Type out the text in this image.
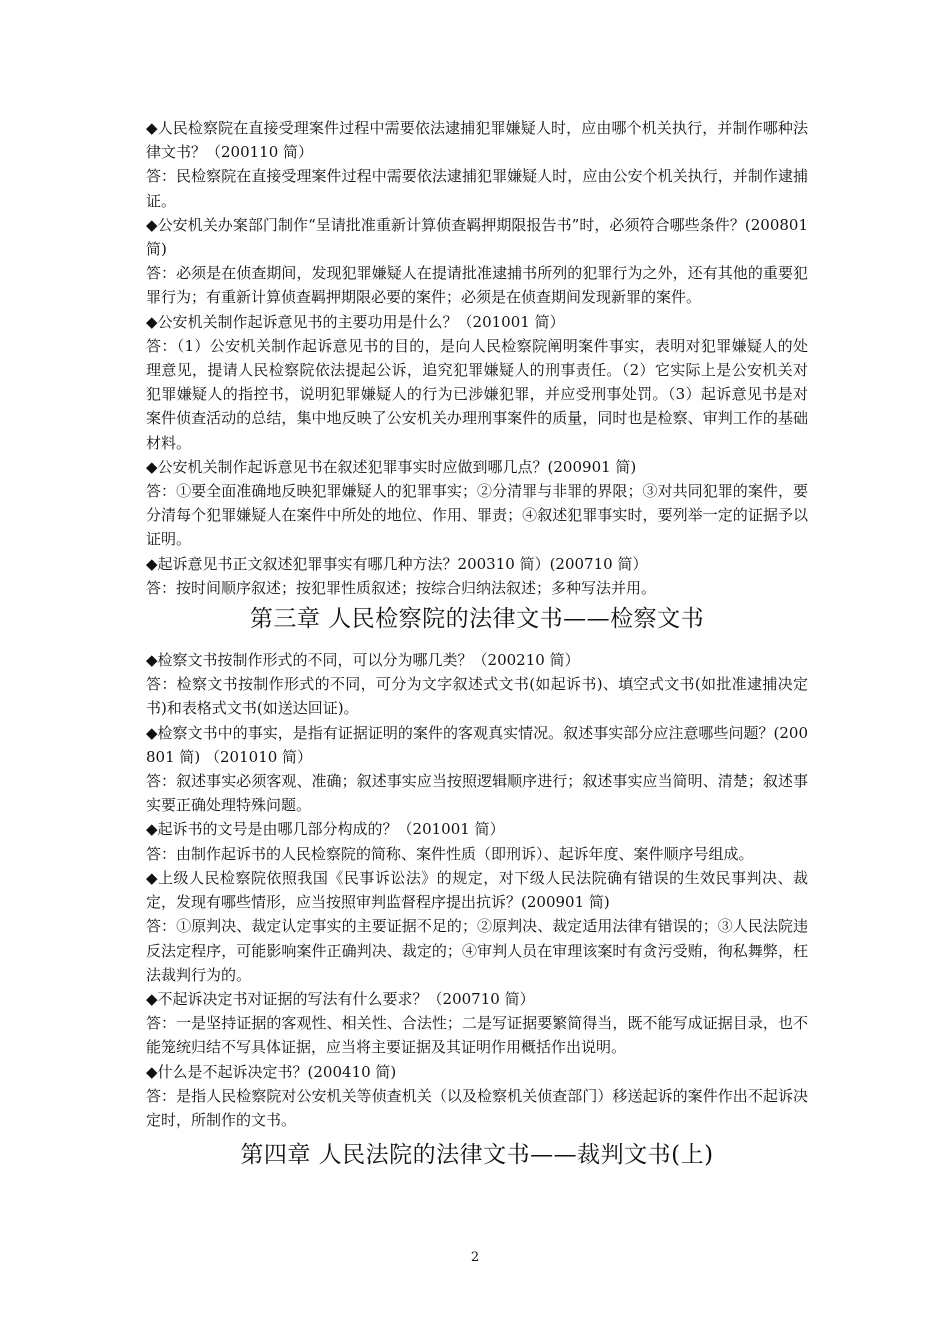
◆人民检察院在直接受理案件过程中需要依法逮捕犯罪嫌疑人时，应由哪个机关执行，并制作哪种法律文书？（200110 简）

答：民检察院在直接受理案件过程中需要依法逮捕犯罪嫌疑人时，应由公安个机关执行，并制作逮捕证。

◆公安机关办案部门制作“呈请批准重新计算侦查羁押期限报告书”时，必须符合哪些条件？(200801 简)

答：必须是在侦查期间，发现犯罪嫌疑人在提请批准逮捕书所列的犯罪行为之外，还有其他的重要犯罪行为；有重新计算侦查羁押期限必要的案件；必须是在侦查期间发现新罪的案件。

◆公安机关制作起诉意见书的主要功用是什么？（201001 简）

答：（1）公安机关制作起诉意见书的目的，是向人民检察院阐明案件事实，表明对犯罪嫌疑人的处理意见，提请人民检察院依法提起公诉，追究犯罪嫌疑人的刑事责任。（2）它实际上是公安机关对犯罪嫌疑人的指控书，说明犯罪嫌疑人的行为已涉嫌犯罪，并应受刑事处罚。（3）起诉意见书是对案件侦查活动的总结，集中地反映了公安机关办理刑事案件的质量，同时也是检察、审判工作的基础材料。

◆公安机关制作起诉意见书在叙述犯罪事实时应做到哪几点？(200901 简)

答：①要全面准确地反映犯罪嫌疑人的犯罪事实；②分清罪与非罪的界限；③对共同犯罪的案件，要分清每个犯罪嫌疑人在案件中所处的地位、作用、罪责；④叙述犯罪事实时，要列举一定的证据予以证明。

◆起诉意见书正文叙述犯罪事实有哪几种方法？200310 简）(200710 简）

答：按时间顺序叙述；按犯罪性质叙述；按综合归纳法叙述；多种写法并用。

第三章 人民检察院的法律文书——检察文书

◆检察文书按制作形式的不同，可以分为哪几类？（200210 简）

答：检察文书按制作形式的不同，可分为文字叙述式文书(如起诉书)、填空式文书(如批准逮捕决定书)和表格式文书(如送达回证)。

◆检察文书中的事实，是指有证据证明的案件的客观真实情况。叙述事实部分应注意哪些问题？(200801 简) （201010 简）

答：叙述事实必须客观、准确；叙述事实应当按照逻辑顺序进行；叙述事实应当简明、清楚；叙述事实要正确处理特殊问题。

◆起诉书的文号是由哪几部分构成的？（201001 简）

答：由制作起诉书的人民检察院的简称、案件性质（即刑诉）、起诉年度、案件顺序号组成。

◆上级人民检察院依照我国《民事诉讼法》的规定，对下级人民法院确有错误的生效民事判决、裁定，发现有哪些情形，应当按照审判监督程序提出抗诉？(200901 简)

答：①原判决、裁定认定事实的主要证据不足的；②原判决、裁定适用法律有错误的；③人民法院违反法定程序，可能影响案件正确判决、裁定的；④审判人员在审理该案时有贪污受贿，徇私舞弊，枉法裁判行为的。

◆不起诉决定书对证据的写法有什么要求？（200710 简）

答：一是坚持证据的客观性、相关性、合法性；二是写证据要繁简得当，既不能写成证据目录，也不能笼统归结不写具体证据，应当将主要证据及其证明作用概括作出说明。

◆什么是不起诉决定书？(200410 简)

答：是指人民检察院对公安机关等侦查机关（以及检察机关侦查部门）移送起诉的案件作出不起诉决定时，所制作的文书。

第四章 人民法院的法律文书——裁判文书(上)
2
